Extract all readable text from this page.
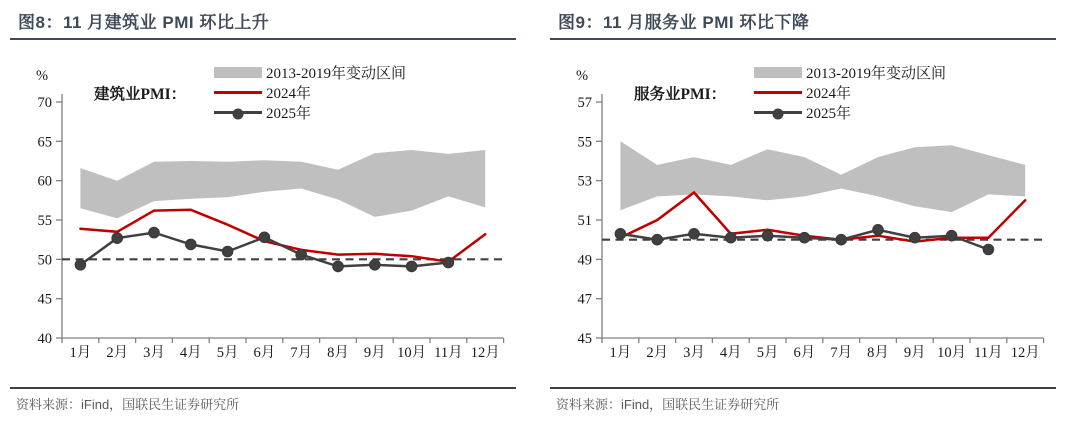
图8：11 月建筑业 PMI 环比上升
70
65
60
55
50
45
40
1月 2月 3月 4月 5月 6月 7月 8月 9月 10月 11月 12月
%
建筑业PMI：
2013-2019年变动区间
2024年
2025年
资料来源：iFind，国联民生证券研究所
图9：11 月服务业 PMI 环比下降
57
55
53
51
49
47
45
1月 2月 3月 4月 5月 6月 7月 8月 9月 10月 11月 12月
%
服务业PMI：
2013-2019年变动区间
2024年
2025年
资料来源：iFind，国联民生证券研究所
